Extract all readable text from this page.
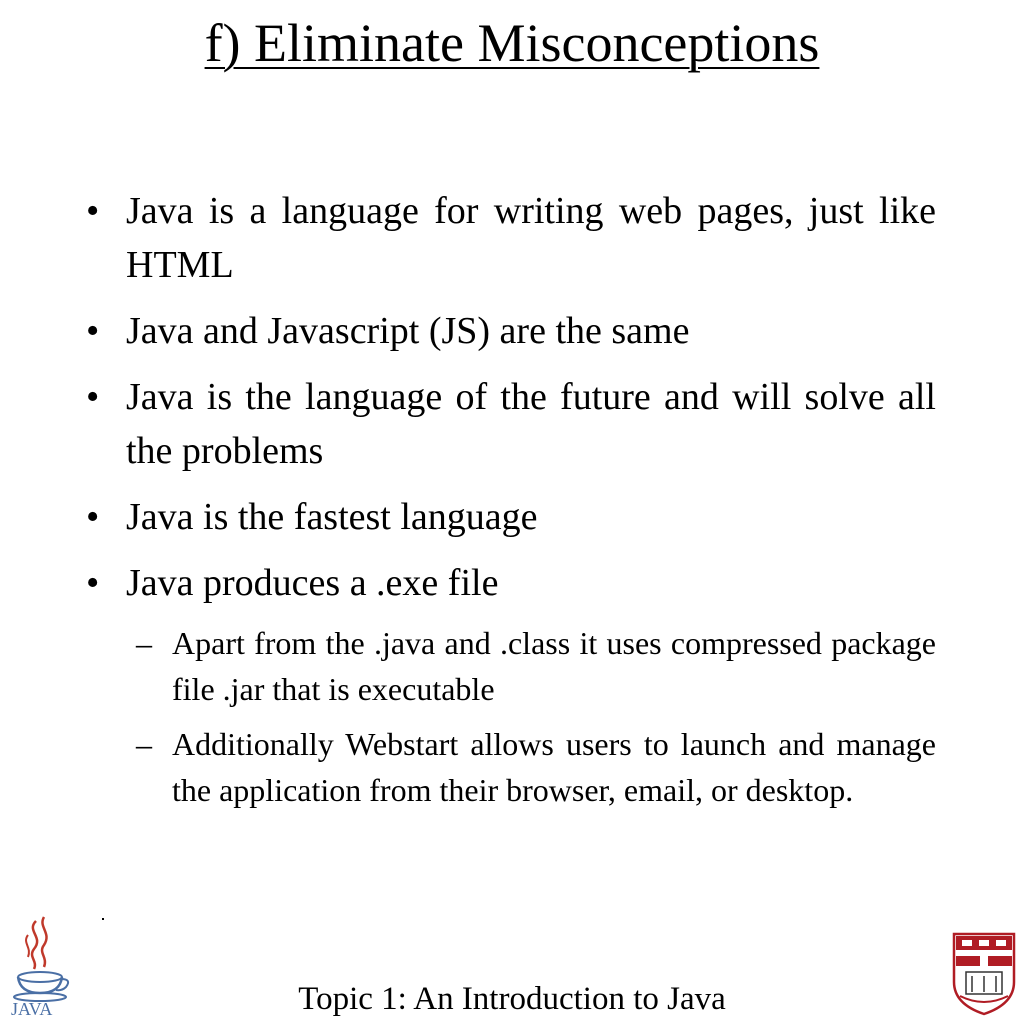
f) Eliminate Misconceptions
• Java is a language for writing web pages, just like HTML
• Java and Javascript (JS) are the same
• Java is the language of the future and will solve all the problems
• Java is the fastest language
• Java produces a .exe file
– Apart from the .java and .class it uses compressed package file .jar that is executable
– Additionally Webstart allows users to launch and manage the application from their browser, email, or desktop.
JAVA	Topic 1: An Introduction to Java
